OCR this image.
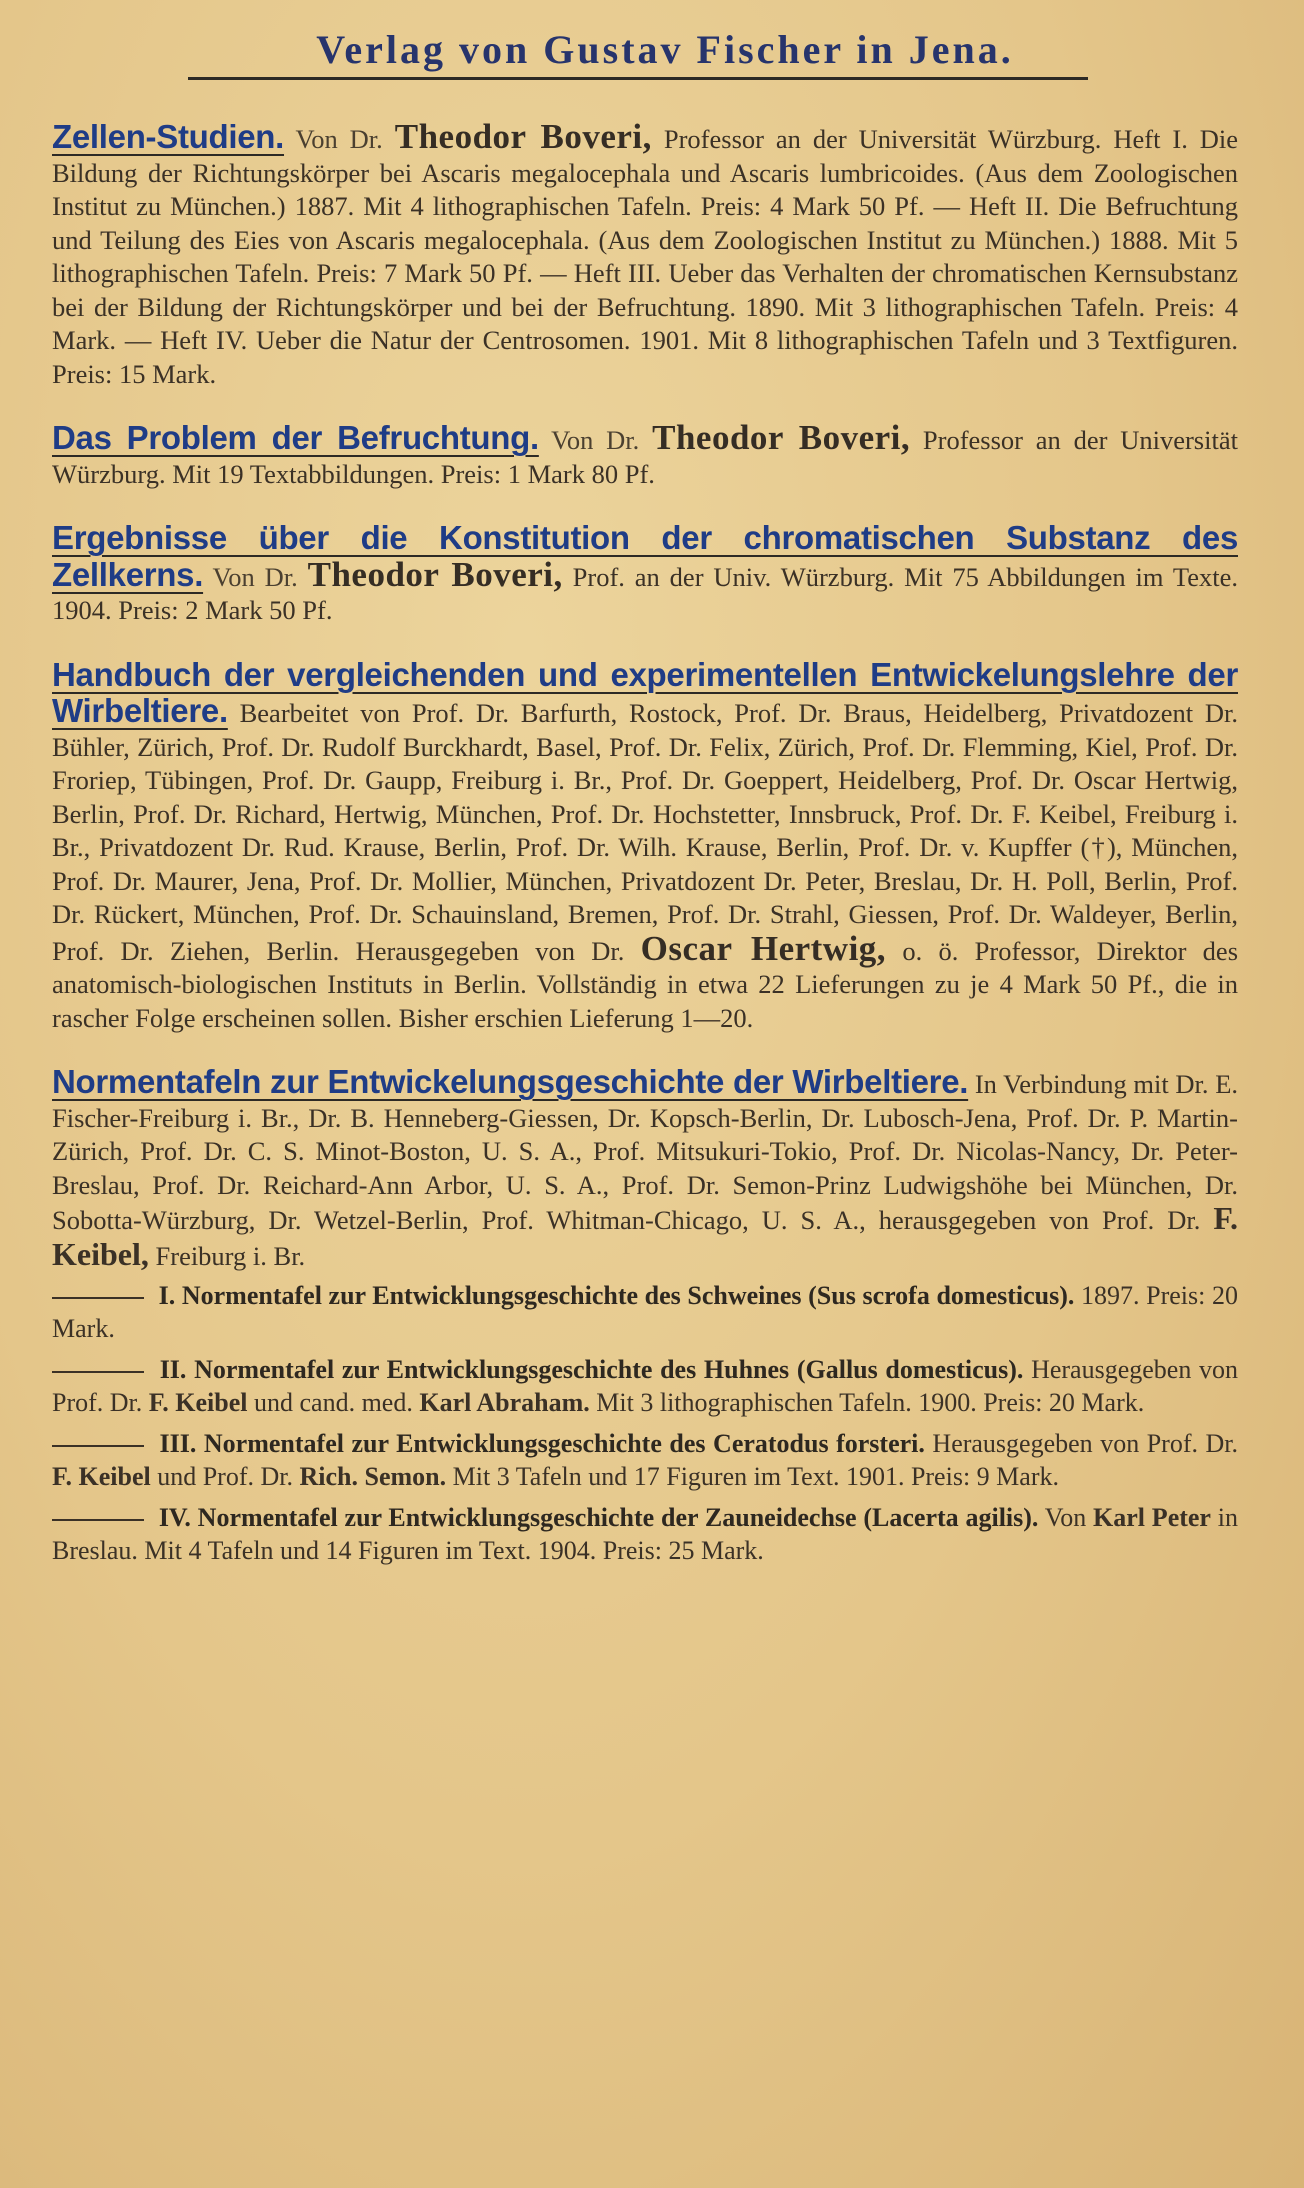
Verlag von Gustav Fischer in Jena.
Zellen-Studien. Von Dr. Theodor Boveri, Professor an der Universität Würzburg. Heft I. Die Bildung der Richtungskörper bei Ascaris megalocephala und Ascaris lumbricoides. (Aus dem Zoologischen Institut zu München.) 1887. Mit 4 lithographischen Tafeln. Preis: 4 Mark 50 Pf. — Heft II. Die Befruchtung und Teilung des Eies von Ascaris megalocephala. (Aus dem Zoologischen Institut zu München.) 1888. Mit 5 lithographischen Tafeln. Preis: 7 Mark 50 Pf. — Heft III. Ueber das Verhalten der chromatischen Kernsubstanz bei der Bildung der Richtungskörper und bei der Befruchtung. 1890. Mit 3 lithographischen Tafeln. Preis: 4 Mark. — Heft IV. Ueber die Natur der Centrosomen. 1901. Mit 8 lithographischen Tafeln und 3 Textfiguren. Preis: 15 Mark.
Das Problem der Befruchtung. Von Dr. Theodor Boveri, Professor an der Universität Würzburg. Mit 19 Textabbildungen. Preis: 1 Mark 80 Pf.
Ergebnisse über die Konstitution der chromatischen Substanz des Zellkerns. Von Dr. Theodor Boveri, Prof. an der Univ. Würzburg. Mit 75 Abbildungen im Texte. 1904. Preis: 2 Mark 50 Pf.
Handbuch der vergleichenden und experimentellen Entwickelungslehre der Wirbeltiere. Bearbeitet von Prof. Dr. Barfurth, Rostock, Prof. Dr. Braus, Heidelberg, Privatdozent Dr. Bühler, Zürich, Prof. Dr. Rudolf Burckhardt, Basel, Prof. Dr. Felix, Zürich, Prof. Dr. Flemming, Kiel, Prof. Dr. Froriep, Tübingen, Prof. Dr. Gaupp, Freiburg i. Br., Prof. Dr. Goeppert, Heidelberg, Prof. Dr. Oscar Hertwig, Berlin, Prof. Dr. Richard, Hertwig, München, Prof. Dr. Hochstetter, Innsbruck, Prof. Dr. F. Keibel, Freiburg i. Br., Privatdozent Dr. Rud. Krause, Berlin, Prof. Dr. Wilh. Krause, Berlin, Prof. Dr. v. Kupffer (†), München, Prof. Dr. Maurer, Jena, Prof. Dr. Mollier, München, Privatdozent Dr. Peter, Breslau, Dr. H. Poll, Berlin, Prof. Dr. Rückert, München, Prof. Dr. Schauinsland, Bremen, Prof. Dr. Strahl, Giessen, Prof. Dr. Waldeyer, Berlin, Prof. Dr. Ziehen, Berlin. Herausgegeben von Dr. Oscar Hertwig, o. ö. Professor, Direktor des anatomisch-biologischen Instituts in Berlin. Vollständig in etwa 22 Lieferungen zu je 4 Mark 50 Pf., die in rascher Folge erscheinen sollen. Bisher erschien Lieferung 1—20.
Normentafeln zur Entwickelungsgeschichte der Wirbeltiere. In Verbindung mit Dr. E. Fischer-Freiburg i. Br., Dr. B. Henneberg-Giessen, Dr. Kopsch-Berlin, Dr. Lubosch-Jena, Prof. Dr. P. Martin-Zürich, Prof. Dr. C. S. Minot-Boston, U. S. A., Prof. Mitsukuri-Tokio, Prof. Dr. Nicolas-Nancy, Dr. Peter-Breslau, Prof. Dr. Reichard-Ann Arbor, U. S. A., Prof. Dr. Semon-Prinz Ludwigshöhe bei München, Dr. Sobotta-Würzburg, Dr. Wetzel-Berlin, Prof. Whitman-Chicago, U. S. A., herausgegeben von Prof. Dr. F. Keibel, Freiburg i. Br.
I. Normentafel zur Entwicklungsgeschichte des Schweines (Sus scrofa domesticus). 1897. Preis: 20 Mark.
II. Normentafel zur Entwicklungsgeschichte des Huhnes (Gallus domesticus). Herausgegeben von Prof. Dr. F. Keibel und cand. med. Karl Abraham. Mit 3 lithographischen Tafeln. 1900. Preis: 20 Mark.
III. Normentafel zur Entwicklungsgeschichte des Ceratodus forsteri. Herausgegeben von Prof. Dr. F. Keibel und Prof. Dr. Rich. Semon. Mit 3 Tafeln und 17 Figuren im Text. 1901. Preis: 9 Mark.
IV. Normentafel zur Entwicklungsgeschichte der Zauneidechse (Lacerta agilis). Von Karl Peter in Breslau. Mit 4 Tafeln und 14 Figuren im Text. 1904. Preis: 25 Mark.
